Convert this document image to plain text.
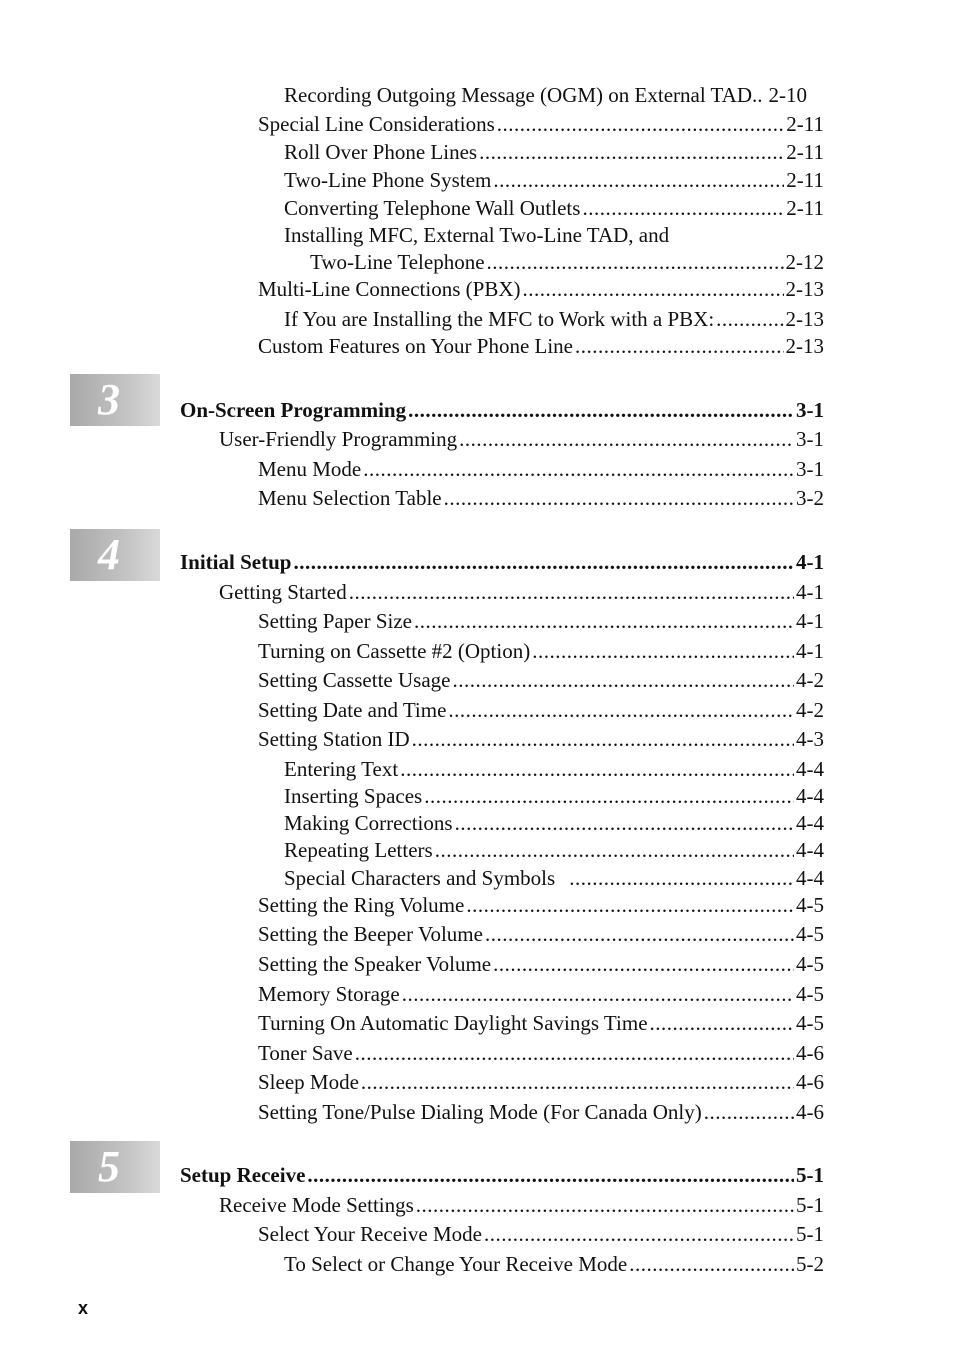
Recording Outgoing Message (OGM) on External TAD.. 2-10
Special Line Considerations .....	2-11
Roll Over Phone Lines .....	2-11
Two-Line Phone System .....	2-11
Converting Telephone Wall Outlets .....	2-11
Installing MFC, External Two-Line TAD, and
Two-Line Telephone .....	2-12
Multi-Line Connections (PBX) .....	2-13
If You are Installing the MFC to Work with a PBX: .....	2-13
Custom Features on Your Phone Line .....	2-13
3	On-Screen Programming .....	3-1
User-Friendly Programming .....	3-1
Menu Mode .....	3-1
Menu Selection Table .....	3-2
4	Initial Setup .....	4-1
Getting Started .....	4-1
Setting Paper Size .....	4-1
Turning on Cassette #2 (Option) .....	4-1
Setting Cassette Usage .....	4-2
Setting Date and Time .....	4-2
Setting Station ID .....	4-3
Entering Text .....	4-4
Inserting Spaces .....	4-4
Making Corrections .....	4-4
Repeating Letters .....	4-4
Special Characters and Symbols .....	4-4
Setting the Ring Volume .....	4-5
Setting the Beeper Volume .....	4-5
Setting the Speaker Volume .....	4-5
Memory Storage .....	4-5
Turning On Automatic Daylight Savings Time .....	4-5
Toner Save .....	4-6
Sleep Mode .....	4-6
Setting Tone/Pulse Dialing Mode (For Canada Only) .....	4-6
5	Setup Receive .....	5-1
Receive Mode Settings .....	5-1
Select Your Receive Mode .....	5-1
To Select or Change Your Receive Mode .....	5-2
x
